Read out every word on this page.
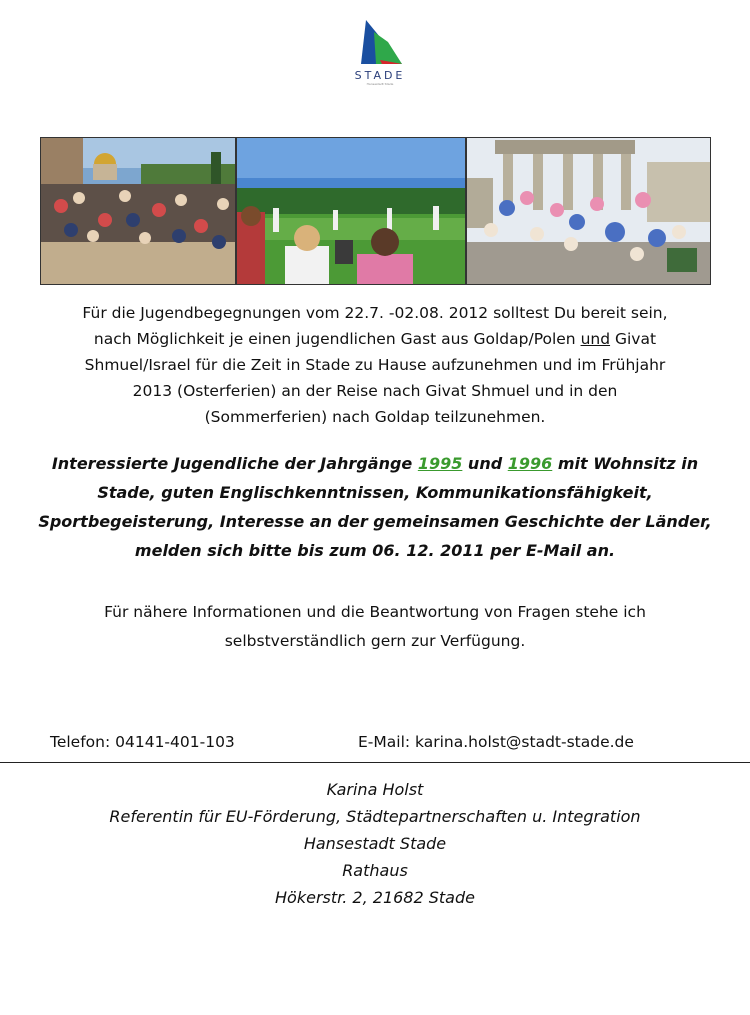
STADE
Hansestadt Stade

Für die Jugendbegegnungen vom 22.7. -02.08. 2012 solltest Du bereit sein,
nach Möglichkeit je einen jugendlichen Gast aus Goldap/Polen und Givat
Shmuel/Israel für die Zeit in Stade zu Hause aufzunehmen und im Frühjahr
2013 (Osterferien) an der Reise nach Givat Shmuel und in den
(Sommerferien) nach Goldap teilzunehmen.

Interessierte Jugendliche der Jahrgänge 1995 und 1996 mit Wohnsitz in
Stade, guten Englischkenntnissen, Kommunikationsfähigkeit,
Sportbegeisterung, Interesse an der gemeinsamen Geschichte der Länder,
melden sich bitte bis zum 06. 12. 2011 per E-Mail an.

Für nähere Informationen und die Beantwortung von Fragen stehe ich
selbstverständlich gern zur Verfügung.

Telefon: 04141-401-103	E-Mail: karina.holst@stadt-stade.de

Karina Holst
Referentin für EU-Förderung, Städtepartnerschaften u. Integration
Hansestadt Stade
Rathaus
Hökerstr. 2, 21682 Stade
